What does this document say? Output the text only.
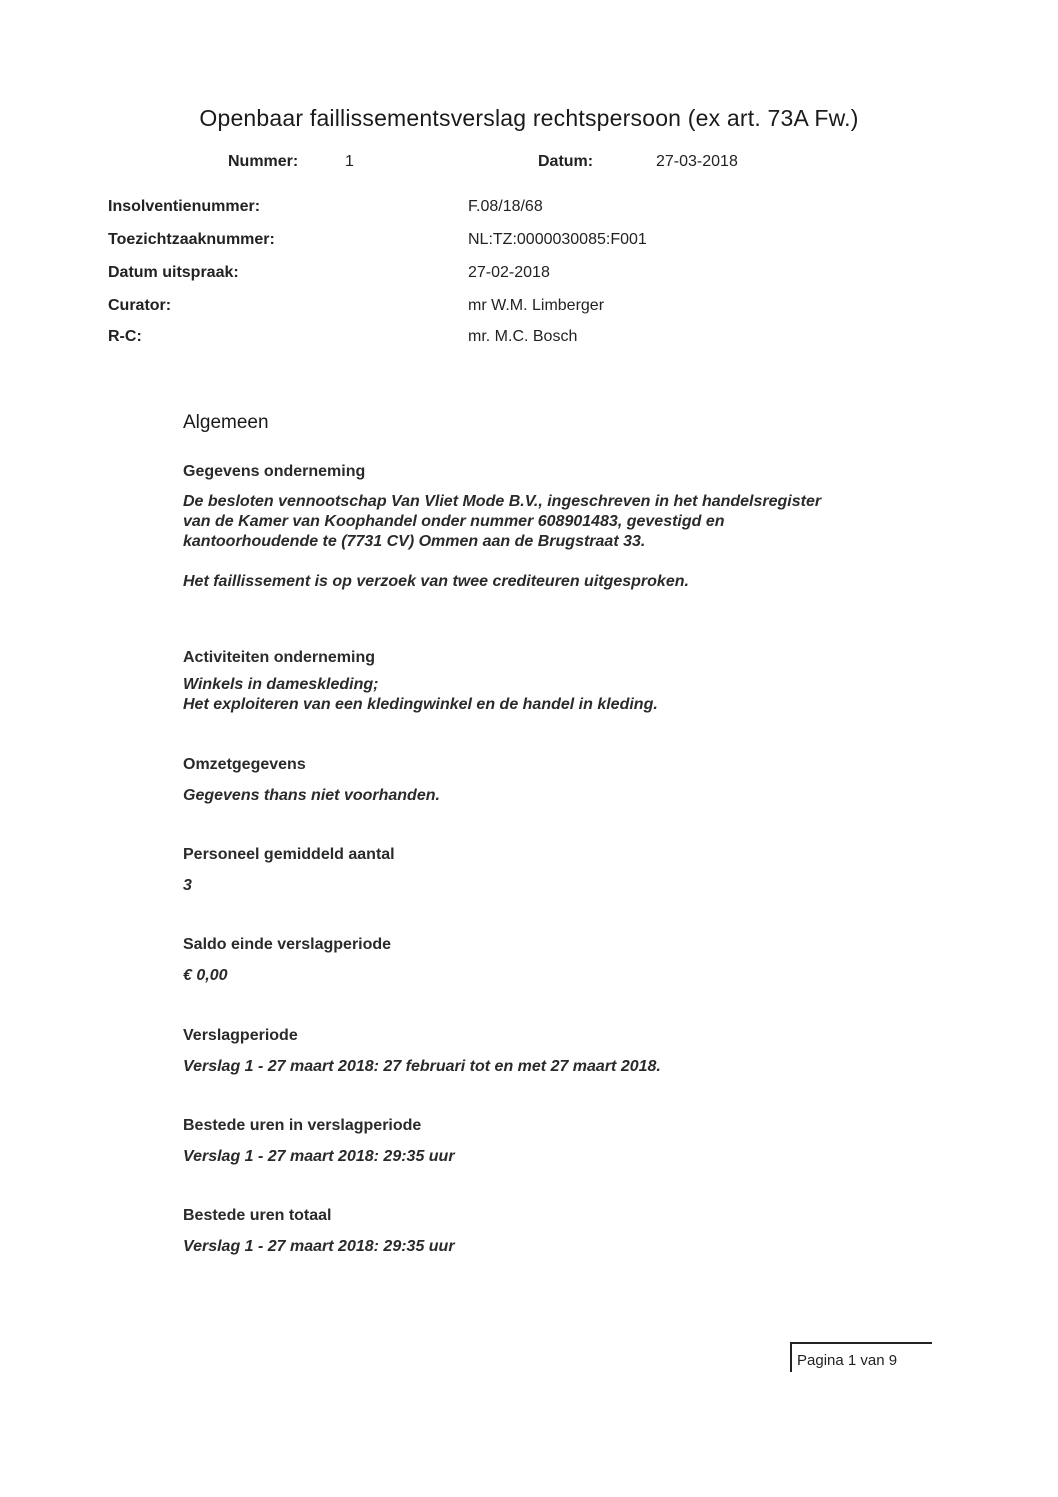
Openbaar faillissementsverslag rechtspersoon (ex art. 73A Fw.)
Nummer:	1	Datum:	27-03-2018
Insolventienummer:	F.08/18/68
Toezichtzaaknummer:	NL:TZ:0000030085:F001
Datum uitspraak:	27-02-2018
Curator:	mr W.M. Limberger
R-C:	mr. M.C. Bosch
Algemeen
Gegevens onderneming
De besloten vennootschap Van Vliet Mode B.V., ingeschreven in het handelsregister
van de Kamer van Koophandel onder nummer 608901483, gevestigd en
kantoorhoudende te (7731 CV) Ommen aan de Brugstraat 33.
Het faillissement is op verzoek van twee crediteuren uitgesproken.
Activiteiten onderneming
Winkels in dameskleding;
Het exploiteren van een kledingwinkel en de handel in kleding.
Omzetgegevens
Gegevens thans niet voorhanden.
Personeel gemiddeld aantal
3
Saldo einde verslagperiode
€ 0,00
Verslagperiode
Verslag 1 - 27 maart 2018: 27 februari tot en met 27 maart 2018.
Bestede uren in verslagperiode
Verslag 1 - 27 maart 2018: 29:35 uur
Bestede uren totaal
Verslag 1 - 27 maart 2018: 29:35 uur
Pagina 1 van 9
